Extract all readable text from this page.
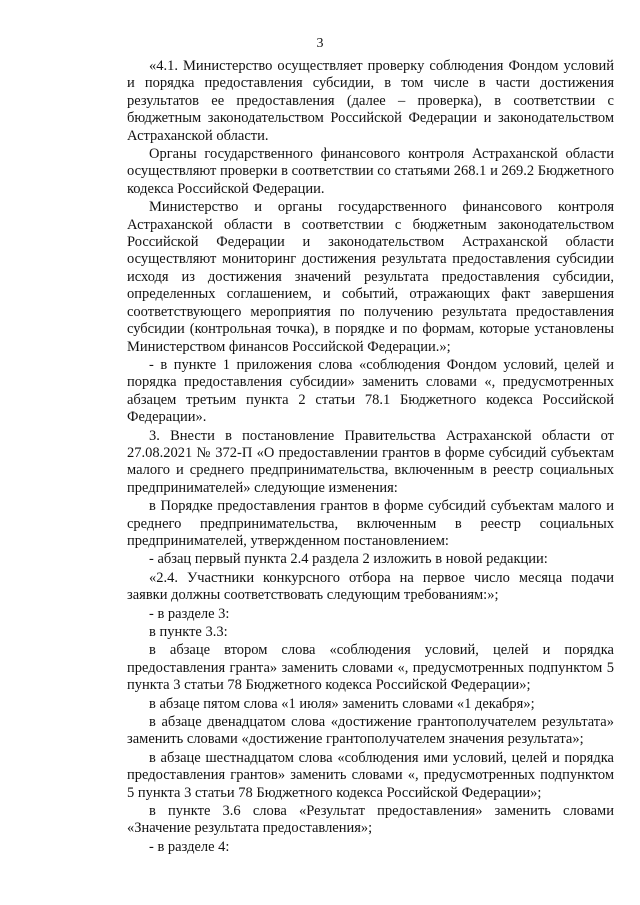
3

«4.1. Министерство осуществляет проверку соблюдения Фондом условий и порядка предоставления субсидии, в том числе в части достижения результатов ее предоставления (далее – проверка), в соответствии с бюджетным законодательством Российской Федерации и законодательством Астраханской области.

Органы государственного финансового контроля Астраханской области осуществляют проверки в соответствии со статьями 268.1 и 269.2 Бюджетного кодекса Российской Федерации.

Министерство и органы государственного финансового контроля Астраханской области в соответствии с бюджетным законодательством Российской Федерации и законодательством Астраханской области осуществляют мониторинг достижения результата предоставления субсидии исходя из достижения значений результата предоставления субсидии, определенных соглашением, и событий, отражающих факт завершения соответствующего мероприятия по получению результата предоставления субсидии (контрольная точка), в порядке и по формам, которые установлены Министерством финансов Российской Федерации.»;

- в пункте 1 приложения слова «соблюдения Фондом условий, целей и порядка предоставления субсидии» заменить словами «, предусмотренных абзацем третьим пункта 2 статьи 78.1 Бюджетного кодекса Российской Федерации».

3. Внести в постановление Правительства Астраханской области от 27.08.2021 № 372-П «О предоставлении грантов в форме субсидий субъектам малого и среднего предпринимательства, включенным в реестр социальных предпринимателей» следующие изменения:

в Порядке предоставления грантов в форме субсидий субъектам малого и среднего предпринимательства, включенным в реестр социальных предпринимателей, утвержденном постановлением:

- абзац первый пункта 2.4 раздела 2 изложить в новой редакции:

«2.4. Участники конкурсного отбора на первое число месяца подачи заявки должны соответствовать следующим требованиям:»;

- в разделе 3:

в пункте 3.3:

в абзаце втором слова «соблюдения условий, целей и порядка предоставления гранта» заменить словами «, предусмотренных подпунктом 5 пункта 3 статьи 78 Бюджетного кодекса Российской Федерации»;

в абзаце пятом слова «1 июля» заменить словами «1 декабря»;

в абзаце двенадцатом слова «достижение грантополучателем результата» заменить словами «достижение грантополучателем значения результата»;

в абзаце шестнадцатом слова «соблюдения ими условий, целей и порядка предоставления грантов» заменить словами «, предусмотренных подпунктом 5 пункта 3 статьи 78 Бюджетного кодекса Российской Федерации»;

в пункте 3.6 слова «Результат предоставления» заменить словами «Значение результата предоставления»;

- в разделе 4:
